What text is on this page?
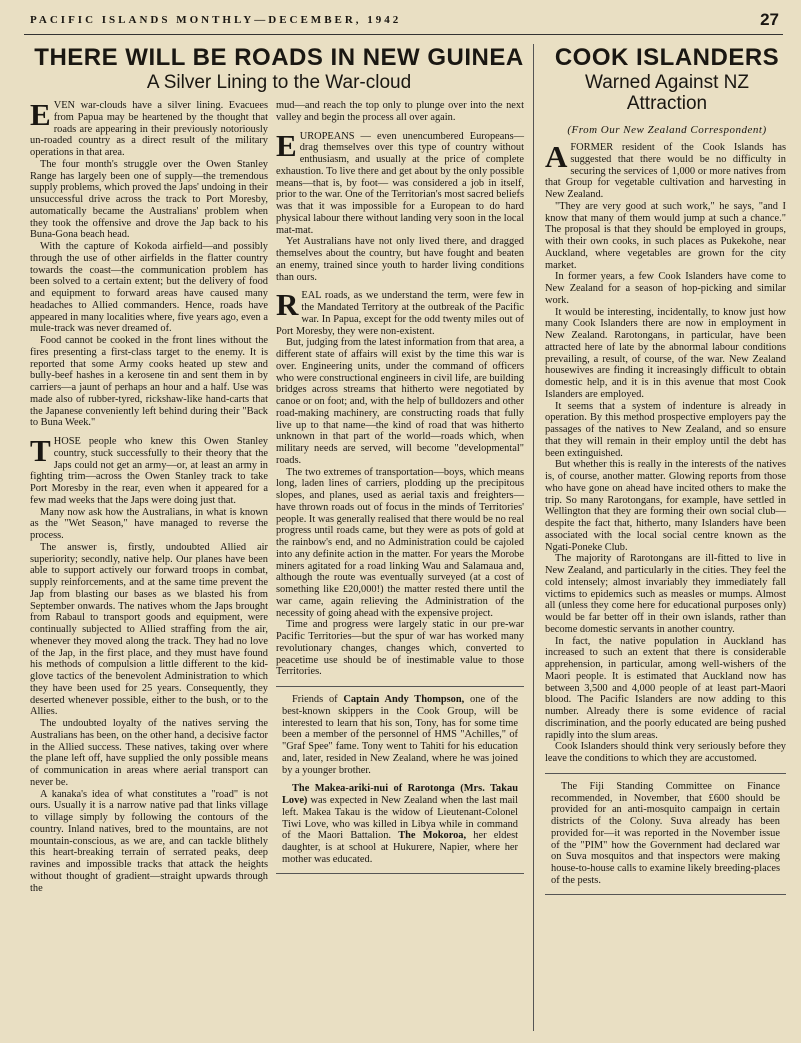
PACIFIC ISLANDS MONTHLY—DECEMBER, 1942	27
THERE WILL BE ROADS IN NEW GUINEA
A Silver Lining to the War-cloud

EVEN war-clouds have a silver lining. Evacuees from Papua may be heartened by the thought that roads are appearing in their previously notoriously un-roaded country as a direct result of the military operations in that area.

The four month's struggle over the Owen Stanley Range has largely been one of supply—the tremendous supply problems, which proved the Japs' undoing in their unsuccessful drive across the track to Port Moresby, automatically became the Australians' problem when they took the offensive and drove the Jap back to his Buna-Gona beach head.

With the capture of Kokoda airfield—and possibly through the use of other airfields in the flatter country towards the coast—the communication problem has been solved to a certain extent; but the delivery of food and equipment to forward areas have caused many headaches to Allied commanders. Hence, roads have appeared in many localities where, five years ago, even a mule-track was never dreamed of.

Food cannot be cooked in the front lines without the fires presenting a first-class target to the enemy. It is reported that some Army cooks heated up stew and bully-beef hashes in a kerosene tin and sent them in by carriers—a jaunt of perhaps an hour and a half. Use was made also of rubber-tyred, rickshaw-like hand-carts that the Japanese conveniently left behind during their "Back to Buna Week."

THOSE people who knew this Owen Stanley country, stuck successfully to their theory that the Japs could not get an army—or, at least an army in fighting trim—across the Owen Stanley track to take Port Moresby in the rear, even when it appeared for a few mad weeks that the Japs were doing just that.

Many now ask how the Australians, in what is known as the "Wet Season," have managed to reverse the process.

The answer is, firstly, undoubted Allied air superiority; secondly, native help. Our planes have been able to support actively our forward troops in combat, supply reinforcements, and at the same time prevent the Jap from blasting our bases as we blasted his from September onwards. The natives whom the Japs brought from Rabaul to transport goods and equipment, were continually subjected to Allied straffing from the air, whenever they moved along the track. They had no love of the Jap, in the first place, and they must have found his methods of compulsion a little different to the kid-glove tactics of the benevolent Administration to which they have been used for 25 years. Consequently, they deserted whenever possible, either to the bush, or to the Allies.

The undoubted loyalty of the natives serving the Australians has been, on the other hand, a decisive factor in the Allied success. These natives, taking over where the plane left off, have supplied the only possible means of communication in areas where aerial transport can never be.

A kanaka's idea of what constitutes a "road" is not ours. Usually it is a narrow native pad that links village to village simply by following the contours of the country. Inland natives, bred to the mountains, are not mountain-conscious, as we are, and can tackle blithely this heart-breaking terrain of serrated peaks, deep ravines and impossible tracks that attack the heights without thought of gradient—straight upwards through the

mud—and reach the top only to plunge over into the next valley and begin the process all over again.

EUROPEANS — even unencumbered Europeans—drag themselves over this type of country without enthusiasm, and usually at the price of complete exhaustion. To live there and get about by the only possible means—that is, by foot— was considered a job in itself, prior to the war. One of the Territorian's most sacred beliefs was that it was impossible for a European to do hard physical labour there without landing very soon in the local mat-mat.

Yet Australians have not only lived there, and dragged themselves about the country, but have fought and beaten an enemy, trained since youth to harder living conditions than ours.

REAL roads, as we understand the term, were few in the Mandated Territory at the outbreak of the Pacific war. In Papua, except for the odd twenty miles out of Port Moresby, they were non-existent.

But, judging from the latest information from that area, a different state of affairs will exist by the time this war is over. Engineering units, under the command of officers who were constructional engineers in civil life, are building bridges across streams that hitherto were negotiated by canoe or on foot; and, with the help of bulldozers and other road-making machinery, are constructing roads that fully live up to that name—the kind of road that was hitherto unknown in that part of the world—roads which, when military needs are served, will become "developmental" roads.

The two extremes of transportation—boys, which means long, laden lines of carriers, plodding up the precipitous slopes, and planes, used as aerial taxis and freighters—have thrown roads out of focus in the minds of Territories' people. It was generally realised that there would be no real progress until roads came, but they were as pots of gold at the rainbow's end, and no Administration could be cajoled into any definite action in the matter. For years the Morobe miners agitated for a road linking Wau and Salamaua and, although the route was eventually surveyed (at a cost of something like £20,000!) the matter rested there until the war came, again relieving the Administration of the necessity of going ahead with the expensive project.

Time and progress were largely static in our pre-war Pacific Territories—but the spur of war has worked many revolutionary changes, changes which, converted to peacetime use should be of inestimable value to those Territories.

Friends of Captain Andy Thompson, one of the best-known skippers in the Cook Group, will be interested to learn that his son, Tony, has for some time been a member of the personnel of HMS "Achilles," of "Graf Spee" fame. Tony went to Tahiti for his education and, later, resided in New Zealand, where he was joined by a younger brother.

The Makea-ariki-nui of Rarotonga (Mrs. Takau Love) was expected in New Zealand when the last mail left. Makea Takau is the widow of Lieutenant-Colonel Tiwi Love, who was killed in Libya while in command of the Maori Battalion. The Mokoroa, her eldest daughter, is at school at Hukurere, Napier, where her mother was educated.

COOK ISLANDERS
Warned Against NZ
Attraction
(From Our New Zealand Correspondent)

A FORMER resident of the Cook Islands has suggested that there would be no difficulty in securing the services of 1,000 or more natives from that Group for vegetable cultivation and harvesting in New Zealand.

"They are very good at such work," he says, "and I know that many of them would jump at such a chance." The proposal is that they should be employed in groups, with their own cooks, in such places as Pukekohe, near Auckland, where vegetables are grown for the city market.

In former years, a few Cook Islanders have come to New Zealand for a season of hop-picking and similar work.

It would be interesting, incidentally, to know just how many Cook Islanders there are now in employment in New Zealand. Rarotongans, in particular, have been attracted here of late by the abnormal labour conditions prevailing, a result, of course, of the war. New Zealand housewives are finding it increasingly difficult to obtain domestic help, and it is in this avenue that most Cook Islanders are employed.

It seems that a system of indenture is already in operation. By this method prospective employers pay the passages of the natives to New Zealand, and so ensure that they will remain in their employ until the debt has been extinguished.

But whether this is really in the interests of the natives is, of course, another matter. Glowing reports from those who have gone on ahead have incited others to make the trip. So many Rarotongans, for example, have settled in Wellington that they are forming their own social club—despite the fact that, hitherto, many Islanders have been associated with the local social centre known as the Ngati-Poneke Club.

The majority of Rarotongans are ill-fitted to live in New Zealand, and particularly in the cities. They feel the cold intensely; almost invariably they immediately fall victims to epidemics such as measles or mumps. Almost all (unless they come here for educational purposes only) would be far better off in their own islands, rather than become domestic servants in another country.

In fact, the native population in Auckland has increased to such an extent that there is considerable apprehension, in particular, among well-wishers of the Maori people. It is estimated that Auckland now has between 3,500 and 4,000 people of at least part-Maori blood. The Pacific Islanders are now adding to this number. Already there is some evidence of racial discrimination, and the poorly educated are being pushed rapidly into the slum areas.

Cook Islanders should think very seriously before they leave the conditions to which they are accustomed.

The Fiji Standing Committee on Finance recommended, in November, that £600 should be provided for an anti-mosquito campaign in certain districts of the Colony. Suva already has been provided for—it was reported in the November issue of the "PIM" how the Government had declared war on Suva mosquitos and that inspectors were making house-to-house calls to examine likely breeding-places of the pests.
